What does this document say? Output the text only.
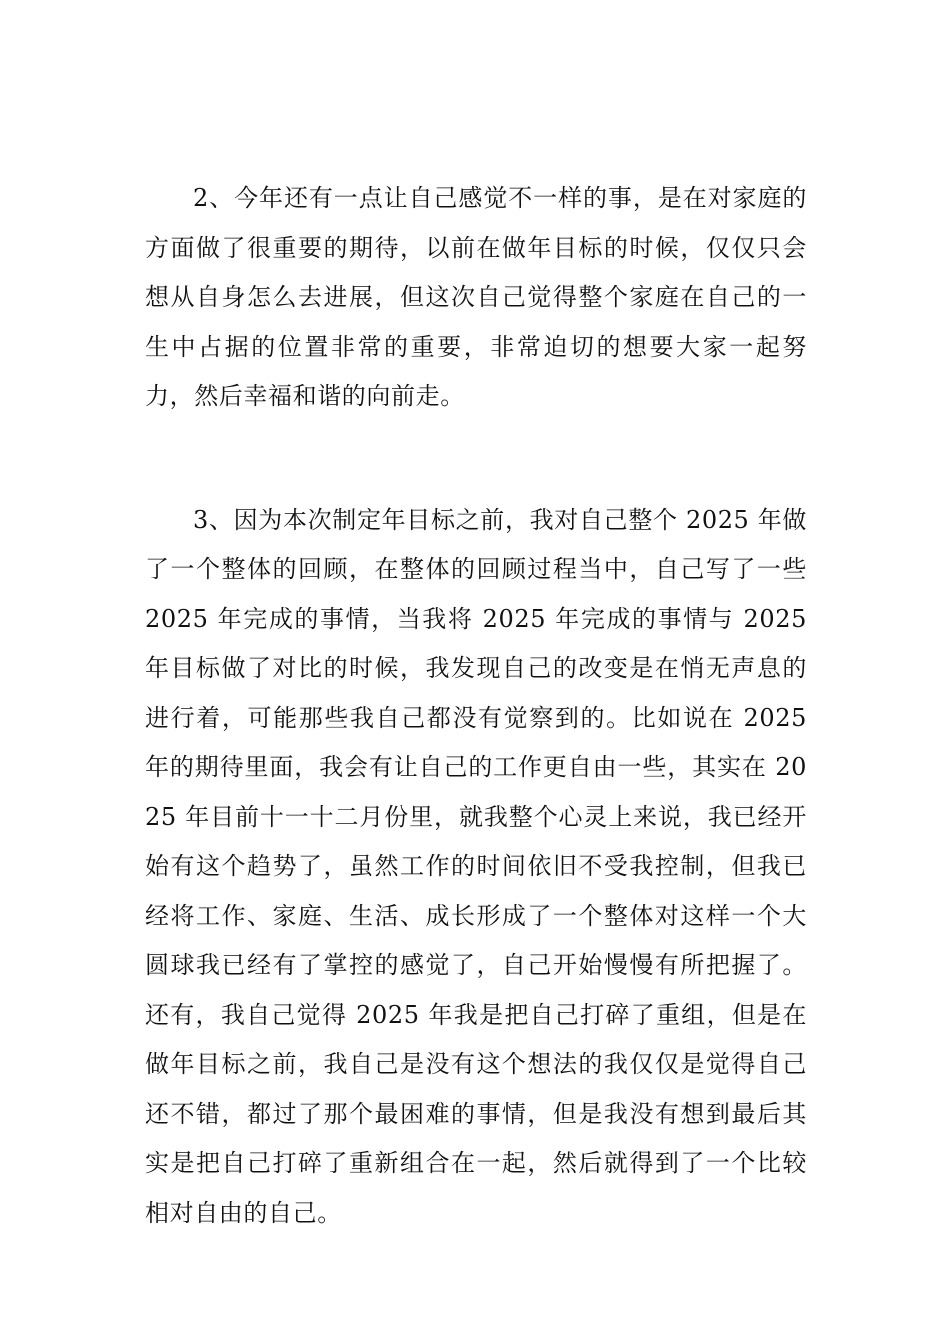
2、今年还有一点让自己感觉不一样的事，是在对家庭的方面做了很重要的期待，以前在做年目标的时候，仅仅只会想从自身怎么去进展，但这次自己觉得整个家庭在自己的一生中占据的位置非常的重要，非常迫切的想要大家一起努力，然后幸福和谐的向前走。

3、因为本次制定年目标之前，我对自己整个 2025 年做了一个整体的回顾，在整体的回顾过程当中，自己写了一些 2025 年完成的事情，当我将 2025 年完成的事情与 2025 年目标做了对比的时候，我发现自己的改变是在悄无声息的进行着，可能那些我自己都没有觉察到的。比如说在 2025 年的期待里面，我会有让自己的工作更自由一些，其实在 2025 年目前十一十二月份里，就我整个心灵上来说，我已经开始有这个趋势了，虽然工作的时间依旧不受我控制，但我已经将工作、家庭、生活、成长形成了一个整体对这样一个大圆球我已经有了掌控的感觉了，自己开始慢慢有所把握了。还有，我自己觉得 2025 年我是把自己打碎了重组，但是在做年目标之前，我自己是没有这个想法的我仅仅是觉得自己还不错，都过了那个最困难的事情，但是我没有想到最后其实是把自己打碎了重新组合在一起，然后就得到了一个比较相对自由的自己。
